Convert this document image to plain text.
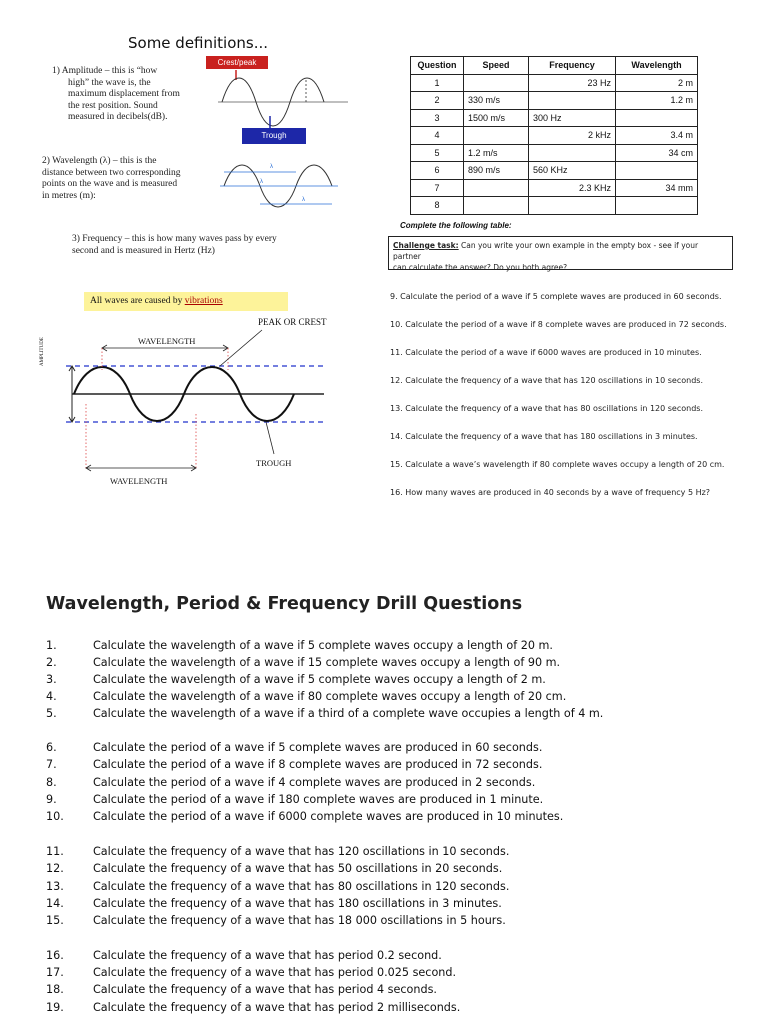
Some definitions...
1) Amplitude – this is “how
high” the wave is, the
maximum displacement from
the rest position. Sound
measured in decibels(dB).
Crest/peak
Trough
2) Wavelength (λ) – this is the
distance between two corresponding
points on the wave and is measured
in metres (m):
λ
λ
λ
3) Frequency – this is how many waves pass by every
second and is measured in Hertz (Hz)
All waves are caused by vibrations
PEAK OR CREST
WAVELENGTH
TROUGH
WAVELENGTH
AMPLITUDE
Question	Speed	Frequency	Wavelength
1		23 Hz	2 m
2	330 m/s		1.2 m
3	1500 m/s	300 Hz	
4		2 kHz	3.4 m
5	1.2 m/s		34 cm
6	890 m/s	560 KHz	
7		2.3 KHz	34 mm
8			
Complete the following table:
Challenge task: Can you write your own example in the empty box - see if your partner
can calculate the answer? Do you both agree?
9. Calculate the period of a wave if 5 complete waves are produced in 60 seconds.
10. Calculate the period of a wave if 8 complete waves are produced in 72 seconds.
11. Calculate the period of a wave if 6000 waves are produced in 10 minutes.
12. Calculate the frequency of a wave that has 120 oscillations in 10 seconds.
13. Calculate the frequency of a wave that has 80 oscillations in 120 seconds.
14. Calculate the frequency of a wave that has 180 oscillations in 3 minutes.
15. Calculate a wave’s wavelength if 80 complete waves occupy a length of 20 cm.
16. How many waves are produced in 40 seconds by a wave of frequency 5 Hz?
Wavelength, Period & Frequency Drill Questions
1.	Calculate the wavelength of a wave if 5 complete waves occupy a length of 20 m.
2.	Calculate the wavelength of a wave if 15 complete waves occupy a length of 90 m.
3.	Calculate the wavelength of a wave if 5 complete waves occupy a length of 2 m.
4.	Calculate the wavelength of a wave if 80 complete waves occupy a length of 20 cm.
5.	Calculate the wavelength of a wave if a third of a complete wave occupies a length of 4 m.
6.	Calculate the period of a wave if 5 complete waves are produced in 60 seconds.
7.	Calculate the period of a wave if 8 complete waves are produced in 72 seconds.
8.	Calculate the period of a wave if 4 complete waves are produced in 2 seconds.
9.	Calculate the period of a wave if 180 complete waves are produced in 1 minute.
10.	Calculate the period of a wave if 6000 complete waves are produced in 10 minutes.
11.	Calculate the frequency of a wave that has 120 oscillations in 10 seconds.
12.	Calculate the frequency of a wave that has 50 oscillations in 20 seconds.
13.	Calculate the frequency of a wave that has 80 oscillations in 120 seconds.
14.	Calculate the frequency of a wave that has 180 oscillations in 3 minutes.
15.	Calculate the frequency of a wave that has 18 000 oscillations in 5 hours.
16.	Calculate the frequency of a wave that has period 0.2 second.
17.	Calculate the frequency of a wave that has period 0.025 second.
18.	Calculate the frequency of a wave that has period 4 seconds.
19.	Calculate the frequency of a wave that has period 2 milliseconds.
